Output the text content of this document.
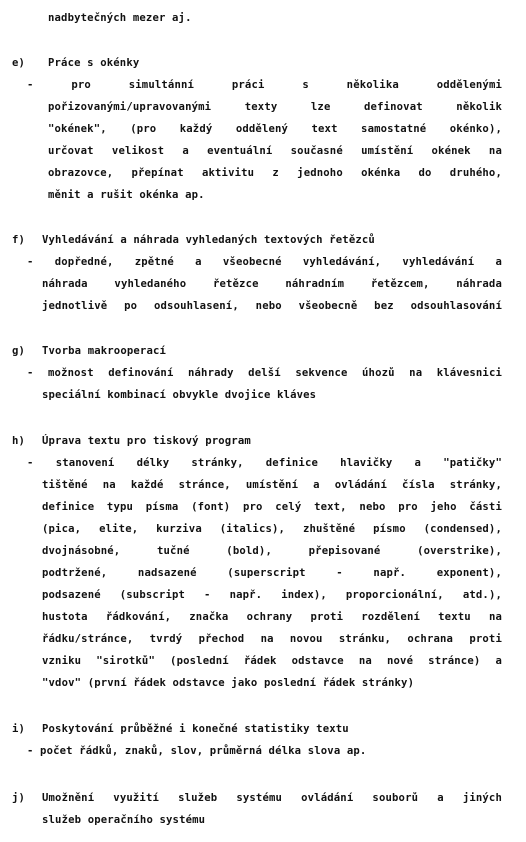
nadbytečných mezer aj.
e) Práce s okénky
- pro simultánní práci s několika oddělenými
pořizovanými/upravovanými texty lze definovat několik
"okének", (pro každý oddělený text samostatné okénko),
určovat velikost a eventuální současné umístění okének na
obrazovce, přepínat aktivitu z jednoho okénka do druhého,
měnit a rušit okénka ap.
f) Vyhledávání a náhrada vyhledaných textových řetězců
- dopředné, zpětné a všeobecné vyhledávání, vyhledávání a
náhrada vyhledaného řetězce náhradním řetězcem, náhrada
jednotlivě po odsouhlasení, nebo všeobecně bez odsouhlasování
g) Tvorba makrooperací
- možnost definování náhrady delší sekvence úhozů na klávesnici
speciální kombinací obvykle dvojice kláves
h) Úprava textu pro tiskový program
- stanovení délky stránky, definice hlavičky a "patičky"
tištěné na každé stránce, umístění a ovládání čísla stránky,
definice typu písma (font) pro celý text, nebo pro jeho části
(pica, elite, kurziva (italics), zhuštěné písmo (condensed),
dvojnásobné, tučné (bold), přepisované (overstrike),
podtržené, nadsazené (superscript - např. exponent),
podsazené (subscript - např. index), proporcionální, atd.),
hustota řádkování, značka ochrany proti rozdělení textu na
řádku/stránce, tvrdý přechod na novou stránku, ochrana proti
vzniku "sirotků" (poslední řádek odstavce na nové stránce) a
"vdov" (první řádek odstavce jako poslední řádek stránky)
i) Poskytování průběžné i konečné statistiky textu
- počet řádků, znaků, slov, průměrná délka slova ap.
j) Umožnění využití služeb systému ovládání souborů a jiných
služeb operačního systému
